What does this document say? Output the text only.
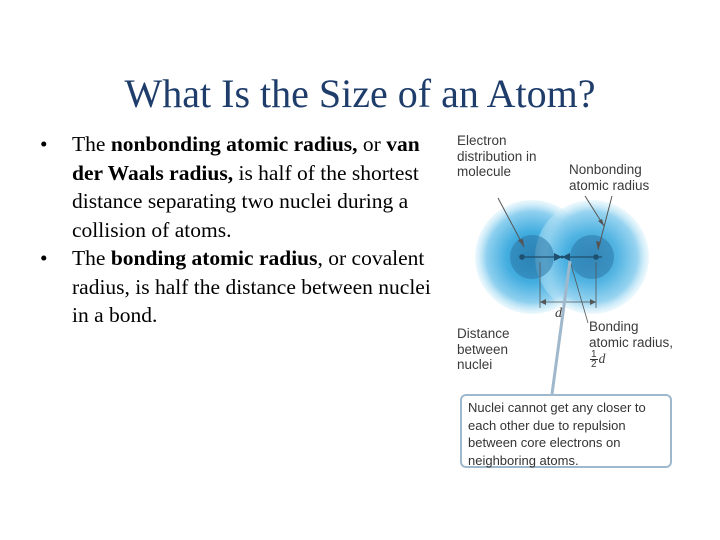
What Is the Size of an Atom?
• The nonbonding atomic radius, or van der Waals radius, is half of the shortest distance separating two nuclei during a collision of atoms.
• The bonding atomic radius, or covalent radius, is half the distance between nuclei in a bond.
Electron distribution in molecule	Nonbonding atomic radius
d
Distance between nuclei
Bonding atomic radius,
$\frac{1}{2}$ d
Nuclei cannot get any closer to each other due to repulsion between core electrons on neighboring atoms.
